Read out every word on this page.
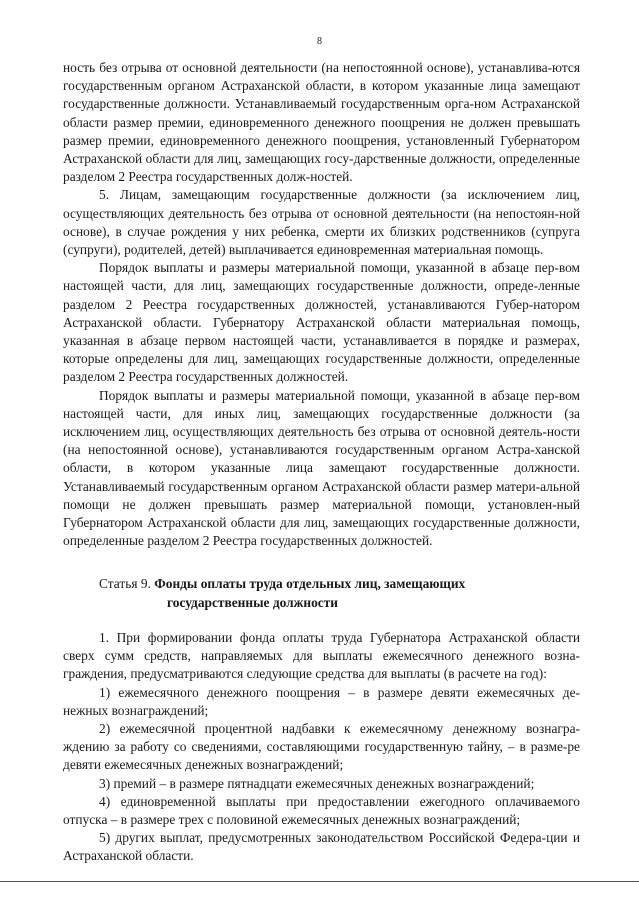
8

ность без отрыва от основной деятельности (на непостоянной основе), устанавлива-ются государственным органом Астраханской области, в котором указанные лица замещают государственные должности. Устанавливаемый государственным орга-ном Астраханской области размер премии, единовременного денежного поощрения не должен превышать размер премии, единовременного денежного поощрения, установленный Губернатором Астраханской области для лиц, замещающих госу-дарственные должности, определенные разделом 2 Реестра государственных долж-ностей.

5. Лицам, замещающим государственные должности (за исключением лиц, осуществляющих деятельность без отрыва от основной деятельности (на непостоян-ной основе), в случае рождения у них ребенка, смерти их близких родственников (супруга (супруги), родителей, детей) выплачивается единовременная материальная помощь.

Порядок выплаты и размеры материальной помощи, указанной в абзаце пер-вом настоящей части, для лиц, замещающих государственные должности, опреде-ленные разделом 2 Реестра государственных должностей, устанавливаются Губер-натором Астраханской области. Губернатору Астраханской области материальная помощь, указанная в абзаце первом настоящей части, устанавливается в порядке и размерах, которые определены для лиц, замещающих государственные должности, определенные разделом 2 Реестра государственных должностей.

Порядок выплаты и размеры материальной помощи, указанной в абзаце пер-вом настоящей части, для иных лиц, замещающих государственные должности (за исключением лиц, осуществляющих деятельность без отрыва от основной деятель-ности (на непостоянной основе), устанавливаются государственным органом Астра-ханской области, в котором указанные лица замещают государственные должности. Устанавливаемый государственным органом Астраханской области размер матери-альной помощи не должен превышать размер материальной помощи, установлен-ный Губернатором Астраханской области для лиц, замещающих государственные должности, определенные разделом 2 Реестра государственных должностей.

Статья 9. Фонды оплаты труда отдельных лиц, замещающих
государственные должности

1. При формировании фонда оплаты труда Губернатора Астраханской области сверх сумм средств, направляемых для выплаты ежемесячного денежного возна-граждения, предусматриваются следующие средства для выплаты (в расчете на год):

1) ежемесячного денежного поощрения – в размере девяти ежемесячных де-нежных вознаграждений;

2) ежемесячной процентной надбавки к ежемесячному денежному вознагра-ждению за работу со сведениями, составляющими государственную тайну, – в разме-ре девяти ежемесячных денежных вознаграждений;

3) премий – в размере пятнадцати ежемесячных денежных вознаграждений;

4) единовременной выплаты при предоставлении ежегодного оплачиваемого отпуска – в размере трех с половиной ежемесячных денежных вознаграждений;

5) других выплат, предусмотренных законодательством Российской Федера-ции и Астраханской области.
